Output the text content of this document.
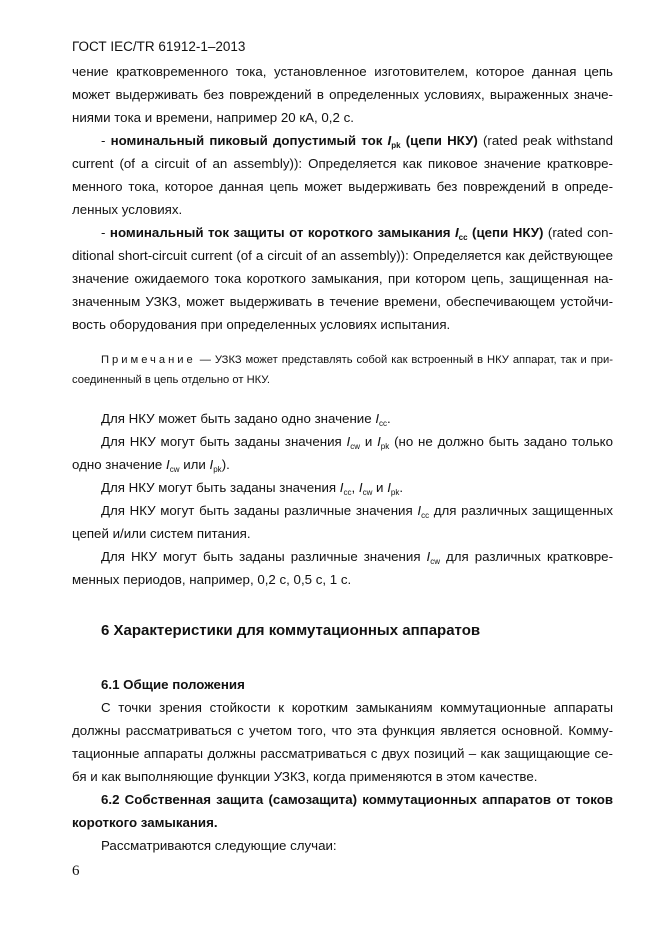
ГОСТ IEC/TR 61912-1–2013
чение кратковременного тока, установленное изготовителем, которое данная цепь
может выдерживать без повреждений в определенных условиях, выраженных значе-
ниями тока и времени, например 20 кА, 0,2 с.
- номинальный пиковый допустимый ток $I_{pk}$ (цепи НКУ) (rated peak withstand
current (of a circuit of an assembly)): Определяется как пиковое значение кратковре-
менного тока, которое данная цепь может выдерживать без повреждений в опреде-
ленных условиях.
- номинальный ток защиты от короткого замыкания $I_{cc}$ (цепи НКУ) (rated con-
ditional short-circuit current (of a circuit of an assembly)): Определяется как действующее
значение ожидаемого тока короткого замыкания, при котором цепь, защищенная на-
значенным УЗКЗ, может выдерживать в течение времени, обеспечивающем устойчи-
вость оборудования при определенных условиях испытания.
Примечание — УЗКЗ может представлять собой как встроенный в НКУ аппарат, так и при-
соединенный в цепь отдельно от НКУ.
Для НКУ может быть задано одно значение $I_{cc}$.
Для НКУ могут быть заданы значения $I_{cw}$ и $I_{pk}$ (но не должно быть задано только
одно значение $I_{cw}$ или $I_{pk}$).
Для НКУ могут быть заданы значения $I_{cc}$, $I_{cw}$ и $I_{pk}$.
Для НКУ могут быть заданы различные значения $I_{cc}$ для различных защищенных
цепей и/или систем питания.
Для НКУ могут быть заданы различные значения $I_{cw}$ для различных кратковре-
менных периодов, например, 0,2 с, 0,5 с, 1 с.
6 Характеристики для коммутационных аппаратов
6.1 Общие положения
С точки зрения стойкости к коротким замыканиям коммутационные аппараты
должны рассматриваться с учетом того, что эта функция является основной. Комму-
тационные аппараты должны рассматриваться с двух позиций – как защищающие се-
бя и как выполняющие функции УЗКЗ, когда применяются в этом качестве.
6.2 Собственная защита (самозащита) коммутационных аппаратов от токов
короткого замыкания.
Рассматриваются следующие случаи:
6
